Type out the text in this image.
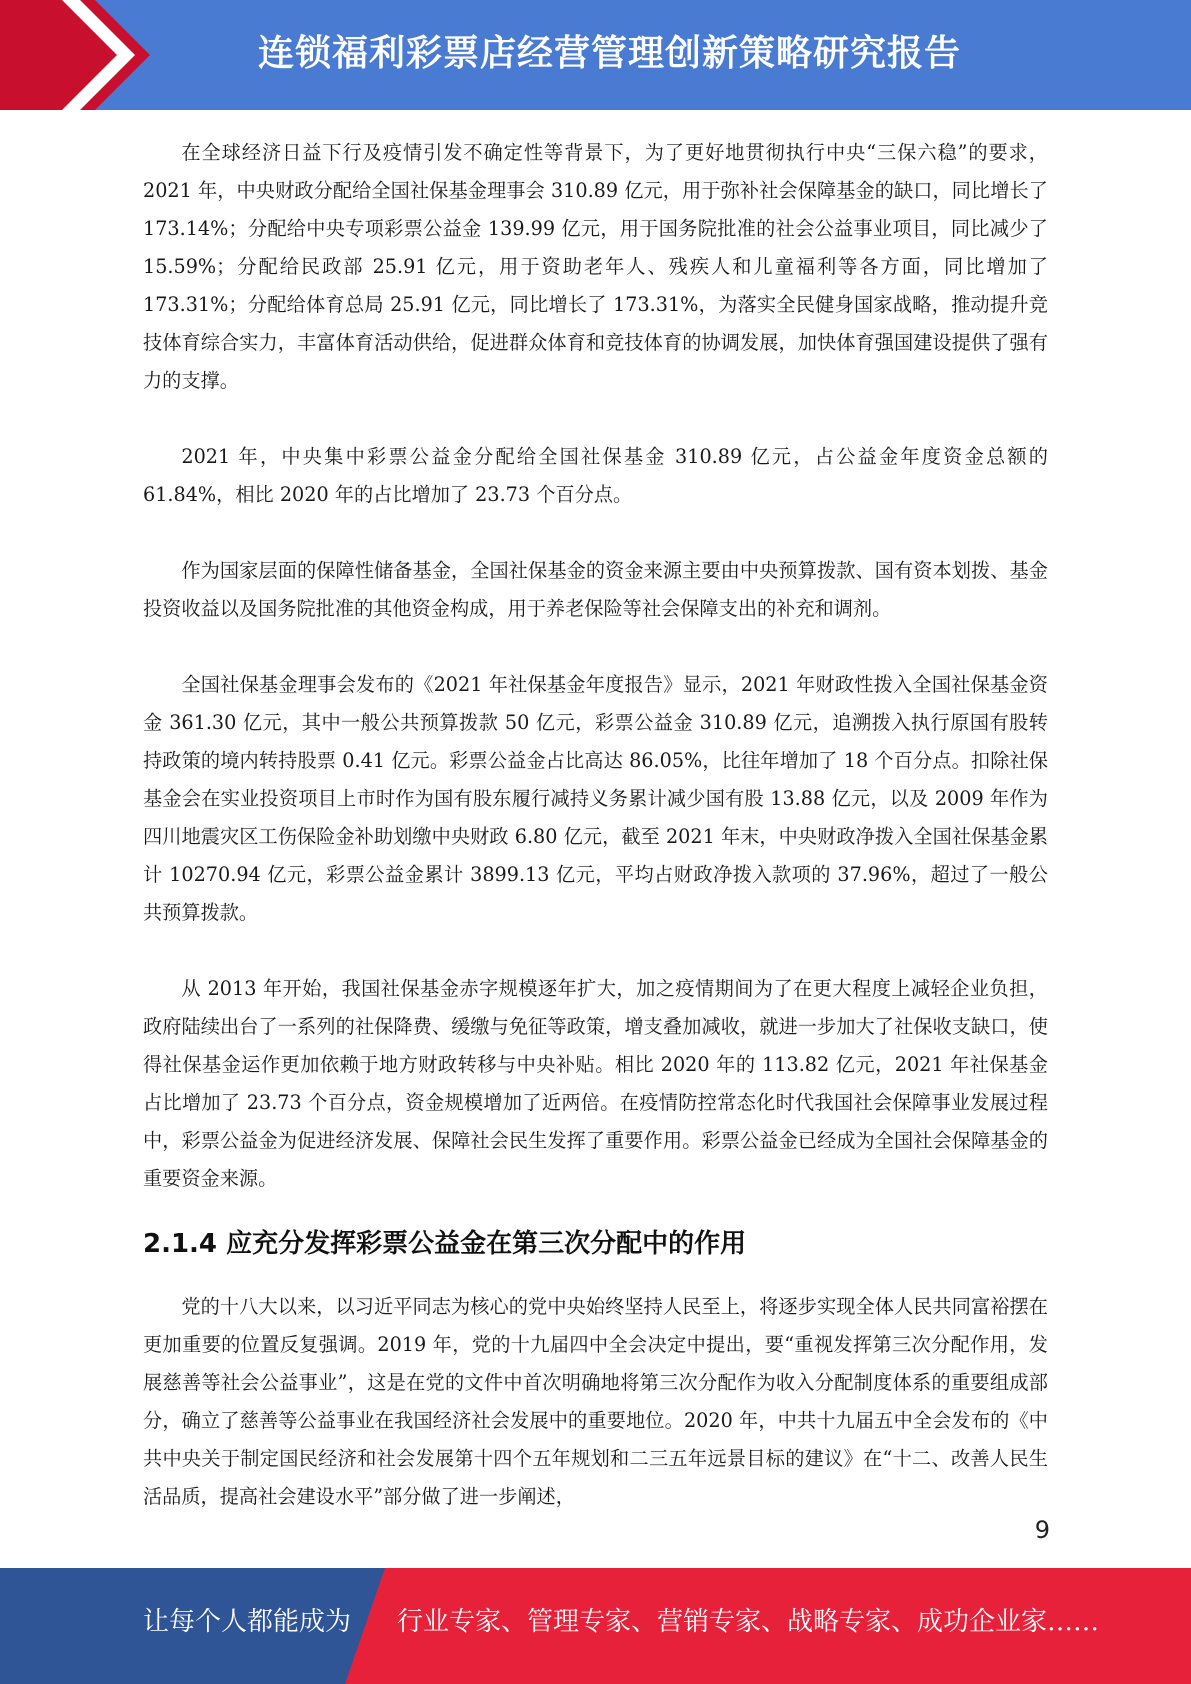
连锁福利彩票店经营管理创新策略研究报告

在全球经济日益下行及疫情引发不确定性等背景下，为了更好地贯彻执行中央“三保六稳”的要求，2021 年，中央财政分配给全国社保基金理事会 310.89 亿元，用于弥补社会保障基金的缺口，同比增长了 173.14%；分配给中央专项彩票公益金 139.99 亿元，用于国务院批准的社会公益事业项目，同比减少了 15.59%；分配给民政部 25.91 亿元，用于资助老年人、残疾人和儿童福利等各方面，同比增加了 173.31%；分配给体育总局 25.91 亿元，同比增长了 173.31%，为落实全民健身国家战略，推动提升竞技体育综合实力，丰富体育活动供给，促进群众体育和竞技体育的协调发展，加快体育强国建设提供了强有力的支撑。

2021 年，中央集中彩票公益金分配给全国社保基金 310.89 亿元，占公益金年度资金总额的 61.84%，相比 2020 年的占比增加了 23.73 个百分点。

作为国家层面的保障性储备基金，全国社保基金的资金来源主要由中央预算拨款、国有资本划拨、基金投资收益以及国务院批准的其他资金构成，用于养老保险等社会保障支出的补充和调剂。

全国社保基金理事会发布的《2021 年社保基金年度报告》显示，2021 年财政性拨入全国社保基金资金 361.30 亿元，其中一般公共预算拨款 50 亿元，彩票公益金 310.89 亿元，追溯拨入执行原国有股转持政策的境内转持股票 0.41 亿元。彩票公益金占比高达 86.05%，比往年增加了 18 个百分点。扣除社保基金会在实业投资项目上市时作为国有股东履行减持义务累计减少国有股 13.88 亿元，以及 2009 年作为四川地震灾区工伤保险金补助划缴中央财政 6.80 亿元，截至 2021 年末，中央财政净拨入全国社保基金累计 10270.94 亿元，彩票公益金累计 3899.13 亿元，平均占财政净拨入款项的 37.96%，超过了一般公共预算拨款。

从 2013 年开始，我国社保基金赤字规模逐年扩大，加之疫情期间为了在更大程度上减轻企业负担，政府陆续出台了一系列的社保降费、缓缴与免征等政策，增支叠加减收，就进一步加大了社保收支缺口，使得社保基金运作更加依赖于地方财政转移与中央补贴。相比 2020 年的 113.82 亿元，2021 年社保基金占比增加了 23.73 个百分点，资金规模增加了近两倍。在疫情防控常态化时代我国社会保障事业发展过程中，彩票公益金为促进经济发展、保障社会民生发挥了重要作用。彩票公益金已经成为全国社会保障基金的重要资金来源。

2.1.4 应充分发挥彩票公益金在第三次分配中的作用

党的十八大以来，以习近平同志为核心的党中央始终坚持人民至上，将逐步实现全体人民共同富裕摆在更加重要的位置反复强调。2019 年，党的十九届四中全会决定中提出，要“重视发挥第三次分配作用，发展慈善等社会公益事业”，这是在党的文件中首次明确地将第三次分配作为收入分配制度体系的重要组成部分，确立了慈善等公益事业在我国经济社会发展中的重要地位。2020 年，中共十九届五中全会发布的《中共中央关于制定国民经济和社会发展第十四个五年规划和二三五年远景目标的建议》在“十二、改善人民生活品质，提高社会建设水平”部分做了进一步阐述，

9
让每个人都能成为 行业专家、管理专家、营销专家、战略专家、成功企业家……
